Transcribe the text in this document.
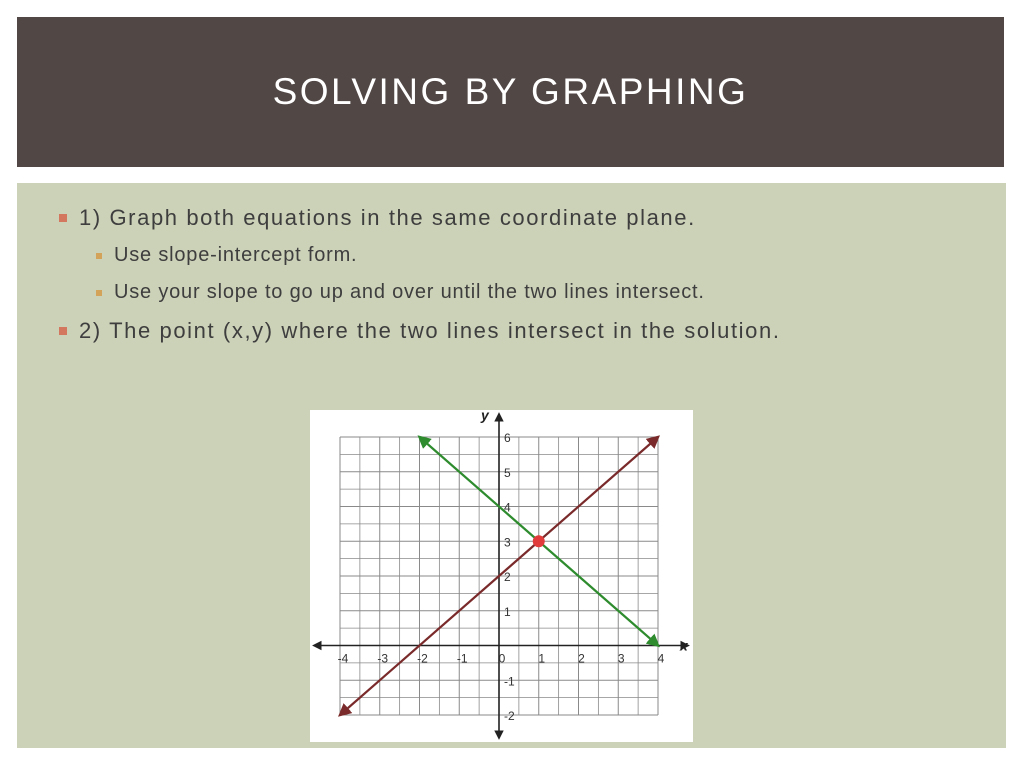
SOLVING BY GRAPHING
1) Graph both equations in the same coordinate plane.
Use slope-intercept form.
Use your slope to go up and over until the two lines intersect.
2) The point (x,y) where the two lines intersect in the solution.
-4 -3 -2 -1	0	1	2	3	4
6
5
4
3
2
1
-1
-2
x
y
